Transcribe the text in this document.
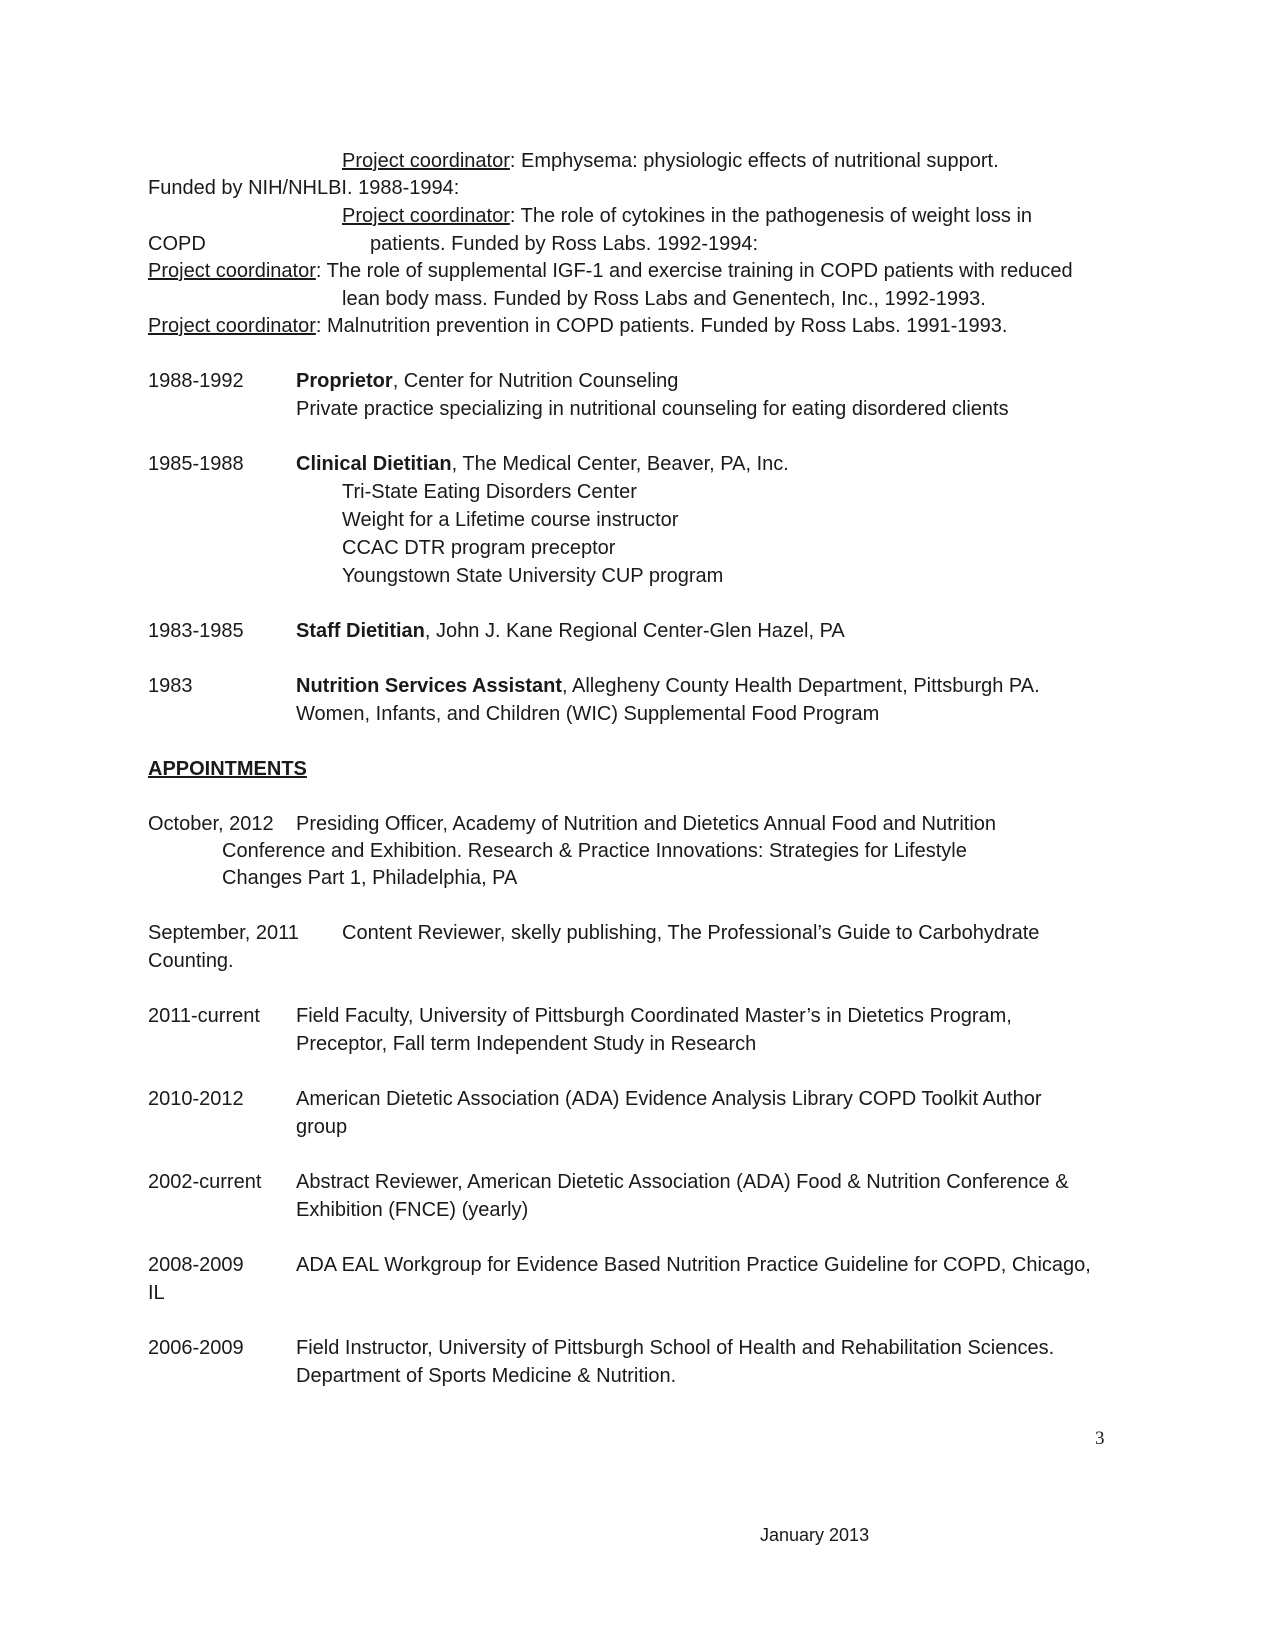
Project coordinator: Emphysema: physiologic effects of nutritional support.
Funded by NIH/NHLBI. 1988-1994:
Project coordinator: The role of cytokines in the pathogenesis of weight loss in
COPD	patients. Funded by Ross Labs. 1992-1994:
Project coordinator: The role of supplemental IGF-1 and exercise training in COPD patients with reduced
lean body mass. Funded by Ross Labs and Genentech, Inc., 1992-1993.
Project coordinator: Malnutrition prevention in COPD patients. Funded by Ross Labs. 1991-1993.
1988-1992	Proprietor, Center for Nutrition Counseling
Private practice specializing in nutritional counseling for eating disordered clients
1985-1988	Clinical Dietitian, The Medical Center, Beaver, PA, Inc.
Tri-State Eating Disorders Center
Weight for a Lifetime course instructor
CCAC DTR program preceptor
Youngstown State University CUP program
1983-1985	Staff Dietitian, John J. Kane Regional Center-Glen Hazel, PA
1983	Nutrition Services Assistant, Allegheny County Health Department, Pittsburgh PA.
Women, Infants, and Children (WIC) Supplemental Food Program
APPOINTMENTS
October, 2012 Presiding Officer, Academy of Nutrition and Dietetics Annual Food and Nutrition
Conference and Exhibition. Research & Practice Innovations: Strategies for Lifestyle
Changes Part 1, Philadelphia, PA
September, 2011 Content Reviewer, skelly publishing, The Professional’s Guide to Carbohydrate
Counting.
2011-current Field Faculty, University of Pittsburgh Coordinated Master’s in Dietetics Program,
Preceptor, Fall term Independent Study in Research
2010-2012	American Dietetic Association (ADA) Evidence Analysis Library COPD Toolkit Author
group
2002-current Abstract Reviewer, American Dietetic Association (ADA) Food & Nutrition Conference &
Exhibition (FNCE) (yearly)
2008-2009	ADA EAL Workgroup for Evidence Based Nutrition Practice Guideline for COPD, Chicago,
IL
2006-2009	Field Instructor, University of Pittsburgh School of Health and Rehabilitation Sciences.
Department of Sports Medicine & Nutrition.
3
January 2013
